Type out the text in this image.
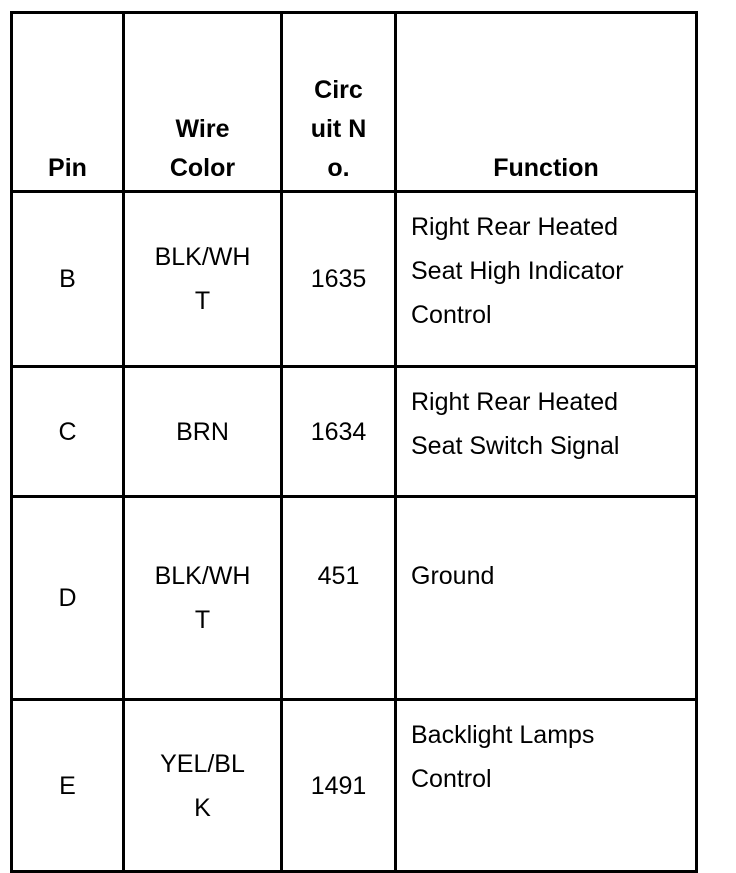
Pin	Wire Color	Circuit No.	Function
B	BLK/WHT	1635	Right Rear Heated Seat High Indicator Control

C	BRN	1634	Right Rear Heated Seat Switch Signal

D	BLK/WHT	451	Ground

E	YEL/BLK	1491	Backlight Lamps Control
